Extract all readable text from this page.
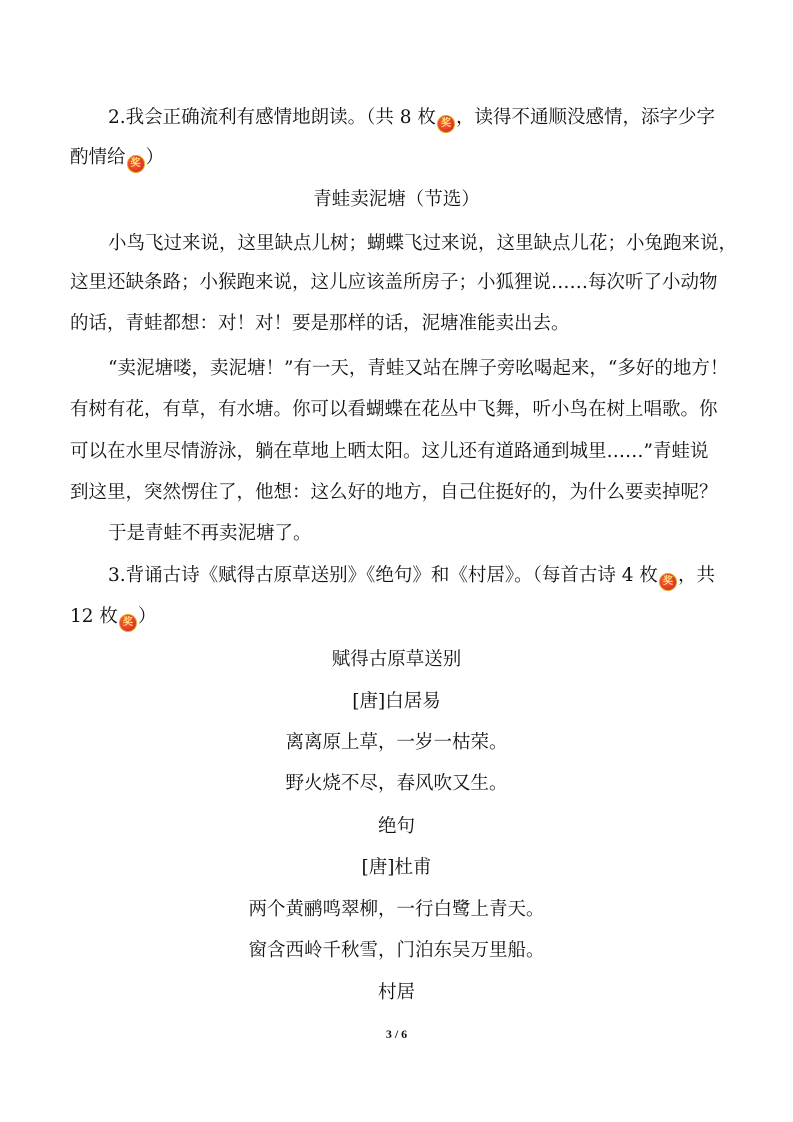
2.我会正确流利有感情地朗读。（共 8 枚 奖 ，读得不通顺没感情，添字少字
酌情给 奖 ）
青蛙卖泥塘（节选）
小鸟飞过来说，这里缺点儿树；蝴蝶飞过来说，这里缺点儿花；小兔跑来说，
这里还缺条路；小猴跑来说，这儿应该盖所房子；小狐狸说……每次听了小动物
的话，青蛙都想：对！对！要是那样的话，泥塘准能卖出去。
“卖泥塘喽，卖泥塘！”有一天，青蛙又站在牌子旁吆喝起来，“多好的地方！
有树有花，有草，有水塘。你可以看蝴蝶在花丛中飞舞，听小鸟在树上唱歌。你
可以在水里尽情游泳，躺在草地上晒太阳。这儿还有道路通到城里……”青蛙说
到这里，突然愣住了，他想：这么好的地方，自己住挺好的，为什么要卖掉呢？
于是青蛙不再卖泥塘了。
3.背诵古诗《赋得古原草送别》《绝句》和《村居》。（每首古诗 4 枚 奖 ，共
12 枚 奖 ）
赋得古原草送别
[唐]白居易
离离原上草，一岁一枯荣。
野火烧不尽，春风吹又生。
绝句
[唐]杜甫
两个黄鹂鸣翠柳，一行白鹭上青天。
窗含西岭千秋雪，门泊东吴万里船。
村居
3 / 6
